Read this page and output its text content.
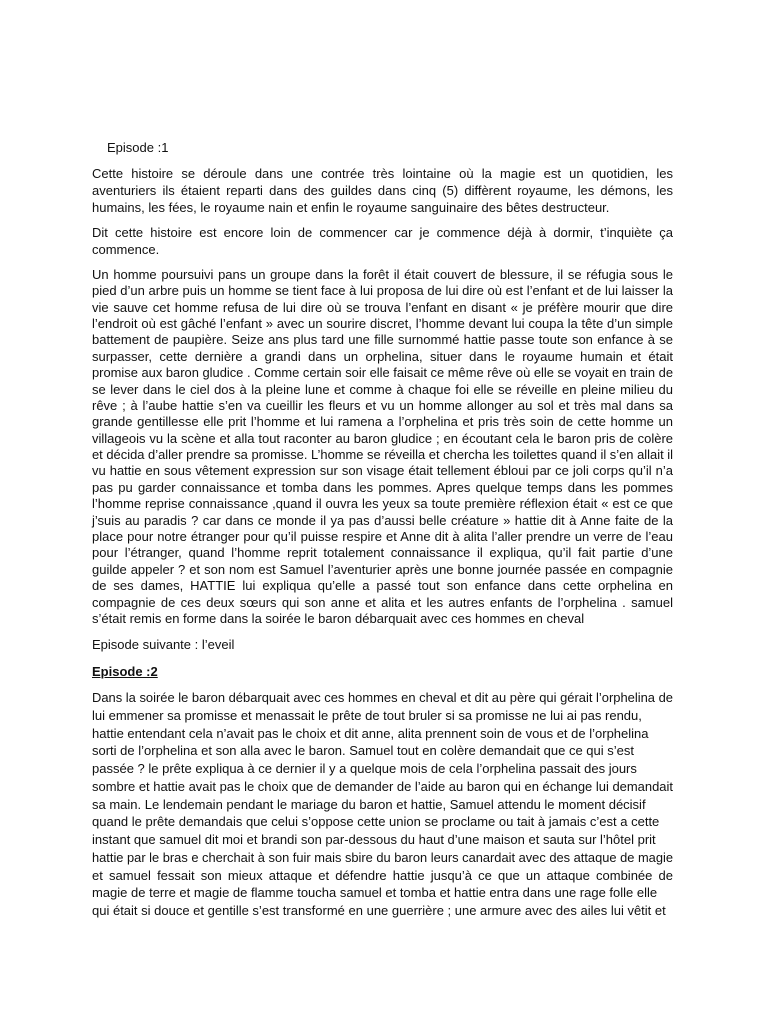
Episode :1
Cette histoire se déroule dans une contrée très lointaine où la magie est un quotidien, les
aventuriers ils étaient reparti dans des guildes dans cinq (5) diffèrent royaume, les démons, les
humains, les fées, le royaume nain et enfin le royaume sanguinaire des bêtes destructeur.
Dit cette histoire est encore loin de commencer car je commence déjà à dormir, t’inquiète ça
commence.
Un homme poursuivi pans un groupe dans la forêt il était couvert de blessure, il se réfugia sous le
pied d’un arbre puis un homme se tient face à lui proposa de lui dire où est l’enfant et de lui laisser la
vie sauve cet homme refusa de lui dire où se trouva l’enfant en disant « je préfère mourir que dire
l’endroit où est gâché l’enfant » avec un sourire discret, l’homme devant lui coupa la tête d’un simple
battement de paupière. Seize ans plus tard une fille surnommé hattie passe toute son enfance à se
surpasser, cette dernière a grandi dans un orphelina, situer dans le royaume humain et était
promise aux baron gludice . Comme certain soir elle faisait ce même rêve où elle se voyait en train de
se lever dans le ciel dos à la pleine lune et comme à chaque foi elle se réveille en pleine milieu du
rêve ; à l’aube hattie s’en va cueillir les fleurs et vu un homme allonger au sol et très mal dans sa
grande gentillesse elle prit l’homme et lui ramena a l’orphelina et pris très soin de cette homme un
villageois vu la scène et alla tout raconter au baron gludice ; en écoutant cela le baron pris de colère
et décida d’aller prendre sa promisse. L’homme se réveilla et chercha les toilettes quand il s’en allait il
vu hattie en sous vêtement expression sur son visage était tellement ébloui par ce joli corps qu’il n’a
pas pu garder connaissance et tomba dans les pommes. Apres quelque temps dans les pommes
l’homme reprise connaissance ,quand il ouvra les yeux sa toute première réflexion était « est ce que
j’suis au paradis ? car dans ce monde il ya pas d’aussi belle créature » hattie dit à Anne faite de la
place pour notre étranger pour qu’il puisse respire et Anne dit à alita l’aller prendre un verre de l’eau
pour l’étranger, quand l’homme reprit totalement connaissance il expliqua, qu’il fait partie d’une
guilde appeler ? et son nom est Samuel l’aventurier après une bonne journée passée en compagnie
de ses dames, HATTIE lui expliqua qu’elle a passé tout son enfance dans cette orphelina en
compagnie de ces deux sœurs qui son anne et alita et les autres enfants de l’orphelina . samuel
s’était remis en forme dans la soirée le baron débarquait avec ces hommes en cheval
Episode suivante : l’eveil
Episode :2
Dans la soirée le baron débarquait avec ces hommes en cheval et dit au père qui gérait l’orphelina de
lui emmener sa promisse et menassait le prête de tout bruler si sa promisse ne lui ai pas rendu,
hattie entendant cela n’avait pas le choix et dit anne, alita prennent soin de vous et de l’orphelina
sorti de l’orphelina et son alla avec le baron. Samuel tout en colère demandait que ce qui s’est
passée ? le prête expliqua à ce dernier il y a quelque mois de cela l’orphelina passait des jours
sombre et hattie avait pas le choix que de demander de l’aide au baron qui en échange lui demandait
sa main. Le lendemain pendant le mariage du baron et hattie, Samuel attendu le moment décisif
quand le prête demandais que celui s’oppose cette union se proclame ou tait à jamais c’est a cette
instant que samuel dit moi et brandi son par-dessous du haut d’une maison et sauta sur l’hôtel prit
hattie par le bras e cherchait à son fuir mais sbire du baron leurs canardait avec des attaque de magie
et samuel fessait son mieux attaque et défendre hattie jusqu’à ce que un attaque combinée de
magie de terre et magie de flamme toucha samuel et tomba et hattie entra dans une rage folle elle
qui était si douce et gentille s’est transformé en une guerrière ; une armure avec des ailes lui vêtit et
